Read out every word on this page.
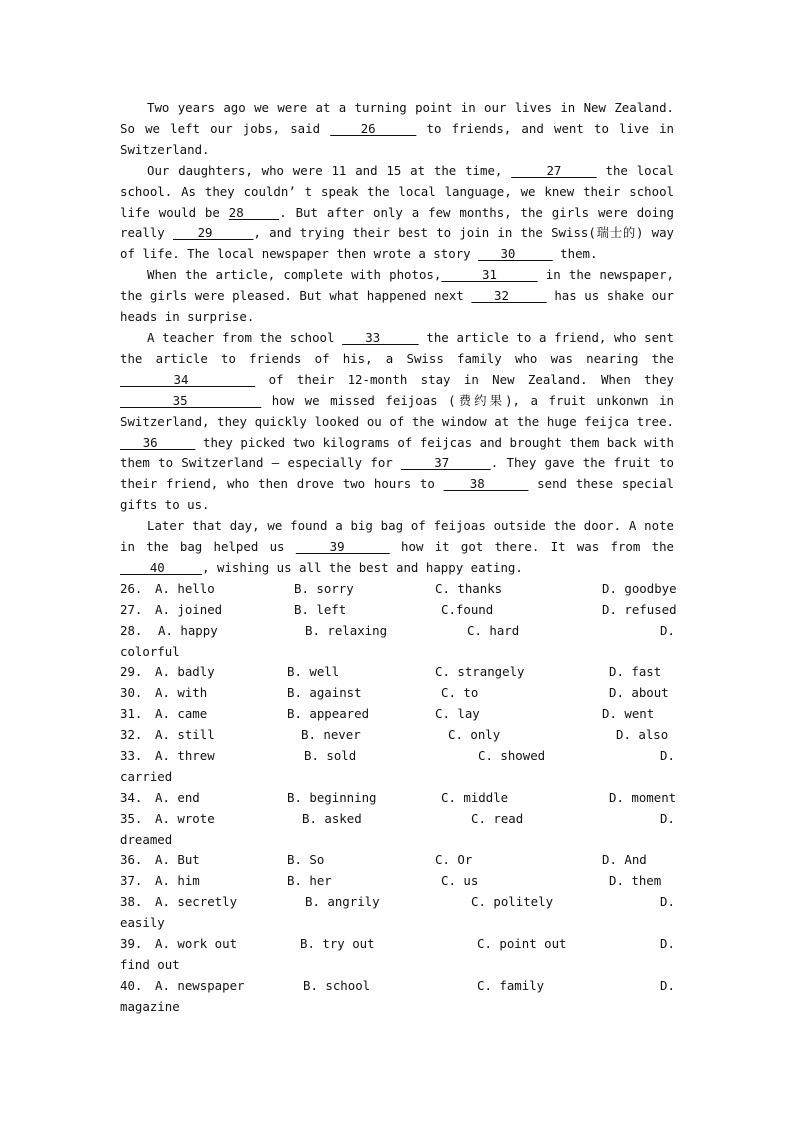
Two years ago we were at a turning point in our lives in New Zealand. So we left our jobs, said    26     to friends, and went to live in Switzerland.

Our daughters, who were 11 and 15 at the time,     27     the local school. As they couldn’ t speak the local language, we knew their school life would be 28    . But after only a few months, the girls were doing really    29     , and trying their best to join in the Swiss(瑞士的) way of life. The local newspaper then wrote a story    30      them.

When the article, complete with photos,     31      in the newspaper, the girls were pleased. But what happened next    32      has us shake our heads in surprise.

A teacher from the school    33      the article to a friend, who sent the article to friends of his, a Swiss family who was nearing the     34      of their 12-month stay in New Zealand. When they      35        how we missed feijoas (费约果), a fruit unkonwn in Switzerland, they quickly looked ou of the window at the huge feijca tree.    36      they picked two kilograms of feijcas and brought them back with them to Switzerland — especially for     37     . They gave the fruit to their friend, who then drove two hours to    38      send these special gifts to us.

Later that day, we found a big bag of feijoas outside the door. A note in the bag helped us    39     how it got there. It was from the     40     , wishing us all the best and happy eating.

26. A. hello	B. sorry	C. thanks	D. goodbye
27. A. joined	B. left	C.found	D. refused
28. A. happy	B. relaxing	C. hard	D.
colorful
29. A. badly	B. well	C. strangely	D. fast
30. A. with	B. against	C. to	D. about
31. A. came	B. appeared	C. lay	D. went
32. A. still	B. never	C. only	D. also
33. A. threw	B. sold	C. showed	D.
carried
34. A. end	B. beginning	C. middle	D. moment
35. A. wrote	B. asked	C. read	D.
dreamed
36. A. But	B. So	C. Or	D. And
37. A. him	B. her	C. us	D. them
38. A. secretly	B. angrily	C. politely	D.
easily
39. A. work out	B. try out	C. point out	D.
find out
40. A. newspaper	B. school	C. family	D.
magazine
